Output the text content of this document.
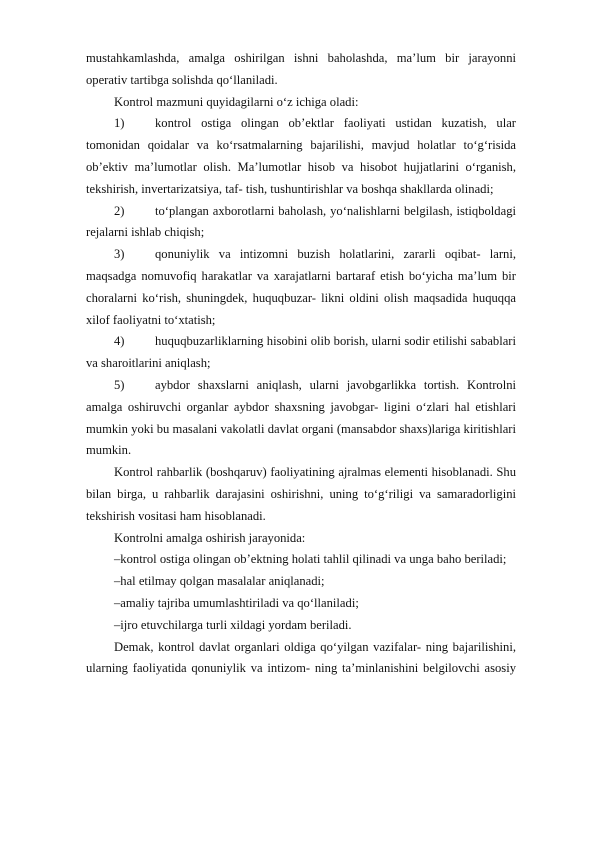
mustahkamlashda, amalga oshirilgan ishni baholashda, ma’lum bir jarayonni operativ tartibga solishda qo‘llaniladi.

Kontrol mazmuni quyidagilarni o‘z ichiga oladi:

1) kontrol ostiga olingan ob’ektlar faoliyati ustidan kuzatish, ular tomonidan qoidalar va ko‘rsatmalarning bajarilishi, mavjud holatlar to‘g‘risida ob’ektiv ma’lumotlar olish. Ma’lumotlar hisob va hisobot hujjatlarini o‘rganish, tekshirish, invertarizatsiya, taf- tish, tushuntirishlar va boshqa shakllarda olinadi;

2) to‘plangan axborotlarni baholash, yo‘nalishlarni belgilash, istiqboldagi rejalarni ishlab chiqish;

3) qonuniylik va intizomni buzish holatlarini, zararli oqibat- larni, maqsadga nomuvofiq harakatlar va xarajatlarni bartaraf etish bo‘yicha ma’lum bir choralarni ko‘rish, shuningdek, huquqbuzar- likni oldini olish maqsadida huquqqa xilof faoliyatni to‘xtatish;

4) huquqbuzarliklarning hisobini olib borish, ularni sodir etilishi sabablari va sharoitlarini aniqlash;

5) aybdor shaxslarni aniqlash, ularni javobgarlikka tortish. Kontrolni amalga oshiruvchi organlar aybdor shaxsning javobgar- ligini o‘zlari hal etishlari mumkin yoki bu masalani vakolatli davlat organi (mansabdor shaxs)lariga kiritishlari mumkin.

Kontrol rahbarlik (boshqaruv) faoliyatining ajralmas elementi hisoblanadi. Shu bilan birga, u rahbarlik darajasini oshirishni, uning to‘g‘riligi va samaradorligini tekshirish vositasi ham hisoblanadi.

Kontrolni amalga oshirish jarayonida:

–kontrol ostiga olingan ob’ektning holati tahlil qilinadi va unga baho beriladi;

–hal etilmay qolgan masalalar aniqlanadi;

–amaliy tajriba umumlashtiriladi va qo‘llaniladi;

–ijro etuvchilarga turli xildagi yordam beriladi.

Demak, kontrol davlat organlari oldiga qo‘yilgan vazifalar- ning bajarilishini, ularning faoliyatida qonuniylik va intizom- ning ta’minlanishini belgilovchi asosiy
